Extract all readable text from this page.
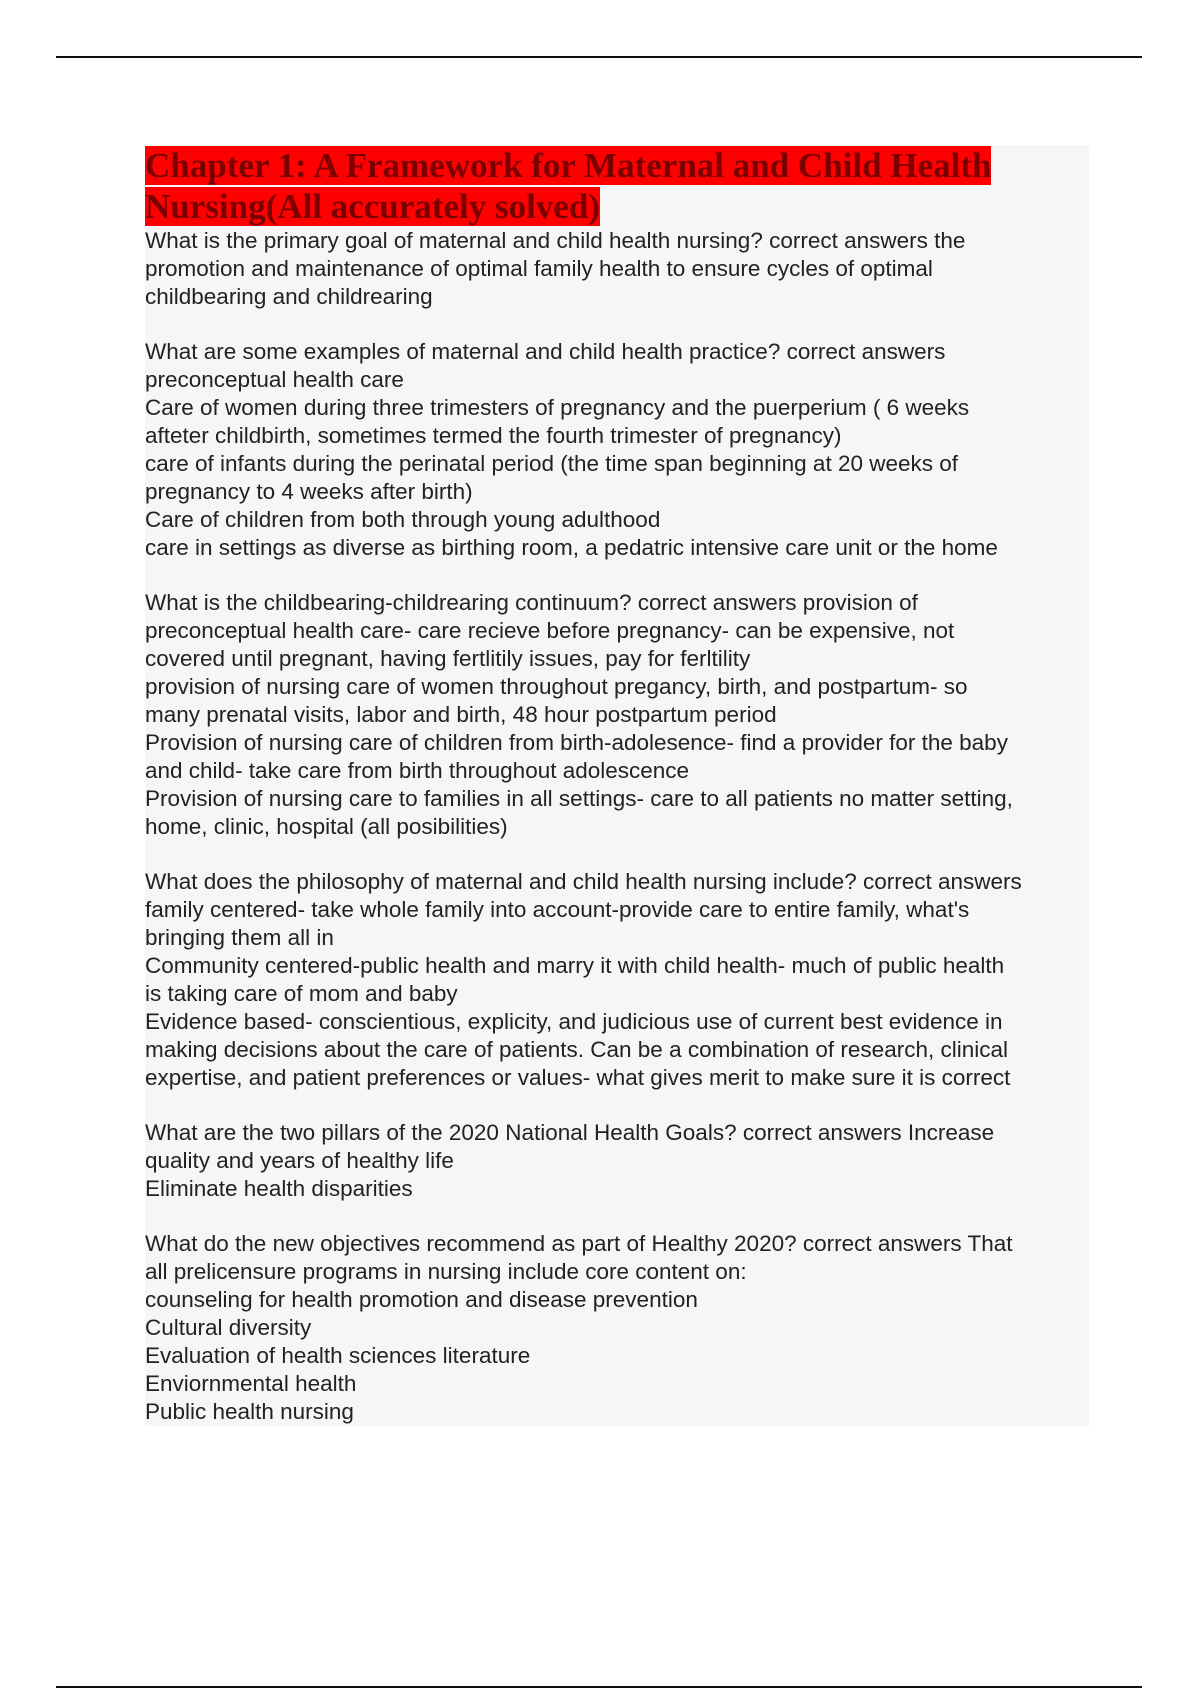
Chapter 1: A Framework for Maternal and Child Health Nursing(All accurately solved)
What is the primary goal of maternal and child health nursing? correct answers the
promotion and maintenance of optimal family health to ensure cycles of optimal
childbearing and childrearing
What are some examples of maternal and child health practice? correct answers
preconceptual health care
Care of women during three trimesters of pregnancy and the puerperium ( 6 weeks
afteter childbirth, sometimes termed the fourth trimester of pregnancy)
care of infants during the perinatal period (the time span beginning at 20 weeks of
pregnancy to 4 weeks after birth)
Care of children from both through young adulthood
care in settings as diverse as birthing room, a pedatric intensive care unit or the home
What is the childbearing-childrearing continuum? correct answers provision of
preconceptual health care- care recieve before pregnancy- can be expensive, not
covered until pregnant, having fertlitily issues, pay for ferltility
provision of nursing care of women throughout pregancy, birth, and postpartum- so
many prenatal visits, labor and birth, 48 hour postpartum period
Provision of nursing care of children from birth-adolesence- find a provider for the baby
and child- take care from birth throughout adolescence
Provision of nursing care to families in all settings- care to all patients no matter setting,
home, clinic, hospital (all posibilities)
What does the philosophy of maternal and child health nursing include? correct answers
family centered- take whole family into account-provide care to entire family, what's
bringing them all in
Community centered-public health and marry it with child health- much of public health
is taking care of mom and baby
Evidence based- conscientious, explicity, and judicious use of current best evidence in
making decisions about the care of patients. Can be a combination of research, clinical
expertise, and patient preferences or values- what gives merit to make sure it is correct
What are the two pillars of the 2020 National Health Goals? correct answers Increase
quality and years of healthy life
Eliminate health disparities
What do the new objectives recommend as part of Healthy 2020? correct answers That
all prelicensure programs in nursing include core content on:
counseling for health promotion and disease prevention
Cultural diversity
Evaluation of health sciences literature
Enviornmental health
Public health nursing
